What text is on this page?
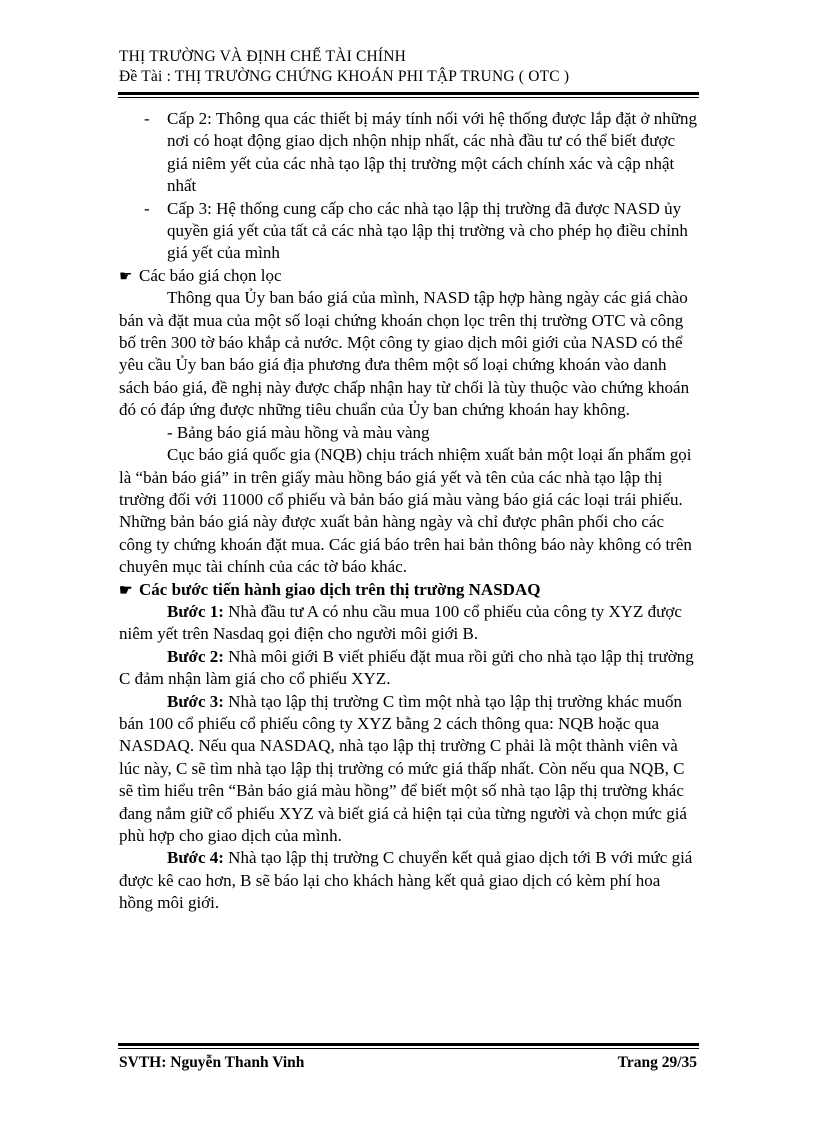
THỊ TRƯỜNG VÀ ĐỊNH CHẾ TÀI CHÍNH
Đề Tài : THỊ TRƯỜNG CHỨNG KHOÁN PHI TẬP TRUNG ( OTC )
- Cấp 2: Thông qua các thiết bị máy tính nối với hệ thống được lắp đặt ở những nơi có hoạt động giao dịch nhộn nhịp nhất, các nhà đầu tư có thể biết được giá niêm yết của các nhà tạo lập thị trường một cách chính xác và cập nhật nhất
- Cấp 3: Hệ thống cung cấp cho các nhà tạo lập thị trường đã được NASD ủy quyền giá yết của tất cả các nhà tạo lập thị trường và cho phép họ điều chỉnh giá yết của mình
☛ Các báo giá chọn lọc
Thông qua Ủy ban báo giá của mình, NASD tập hợp hàng ngày các giá chào bán và đặt mua của một số loại chứng khoán chọn lọc trên thị trường OTC và công bố trên 300 tờ báo khắp cả nước. Một công ty giao dịch môi giới của NASD có thể yêu cầu Ủy ban báo giá địa phương đưa thêm một số loại chứng khoán vào danh sách báo giá, đề nghị này được chấp nhận hay từ chối là tùy thuộc vào chứng khoán đó có đáp ứng được những tiêu chuẩn của Ủy ban chứng khoán hay không.
- Bảng báo giá màu hồng và màu vàng
Cục báo giá quốc gia (NQB) chịu trách nhiệm xuất bản một loại ấn phẩm gọi là “bản báo giá” in trên giấy màu hồng báo giá yết và tên của các nhà tạo lập thị trường đối với 11000 cổ phiếu và bản báo giá màu vàng báo giá các loại trái phiếu. Những bản báo giá này được xuất bản hàng ngày và chỉ được phân phối cho các công ty chứng khoán đặt mua. Các giá báo trên hai bản thông báo này không có trên chuyên mục tài chính của các tờ báo khác.
☛ Các bước tiến hành giao dịch trên thị trường NASDAQ
Bước 1: Nhà đầu tư A có nhu cầu mua 100 cổ phiếu của công ty XYZ được niêm yết trên Nasdaq gọi điện cho người môi giới B.
Bước 2: Nhà môi giới B viết phiếu đặt mua rồi gửi cho nhà tạo lập thị trường C đảm nhận làm giá cho cổ phiếu XYZ.
Bước 3: Nhà tạo lập thị trường C tìm một nhà tạo lập thị trường khác muốn bán 100 cổ phiếu cổ phiếu công ty XYZ bằng 2 cách thông qua: NQB hoặc qua NASDAQ. Nếu qua NASDAQ, nhà tạo lập thị trường C phải là một thành viên và lúc này, C sẽ tìm nhà tạo lập thị trường có mức giá thấp nhất. Còn nếu qua NQB, C sẽ tìm hiểu trên “Bản báo giá màu hồng” để biết một số nhà tạo lập thị trường khác đang nắm giữ cổ phiếu XYZ và biết giá cả hiện tại của từng người và chọn mức giá phù hợp cho giao dịch của mình.
Bước 4: Nhà tạo lập thị trường C chuyển kết quả giao dịch tới B với mức giá được kê cao hơn, B sẽ báo lại cho khách hàng kết quả giao dịch có kèm phí hoa hồng môi giới.
SVTH: Nguyễn Thanh Vinh	Trang 29/35
